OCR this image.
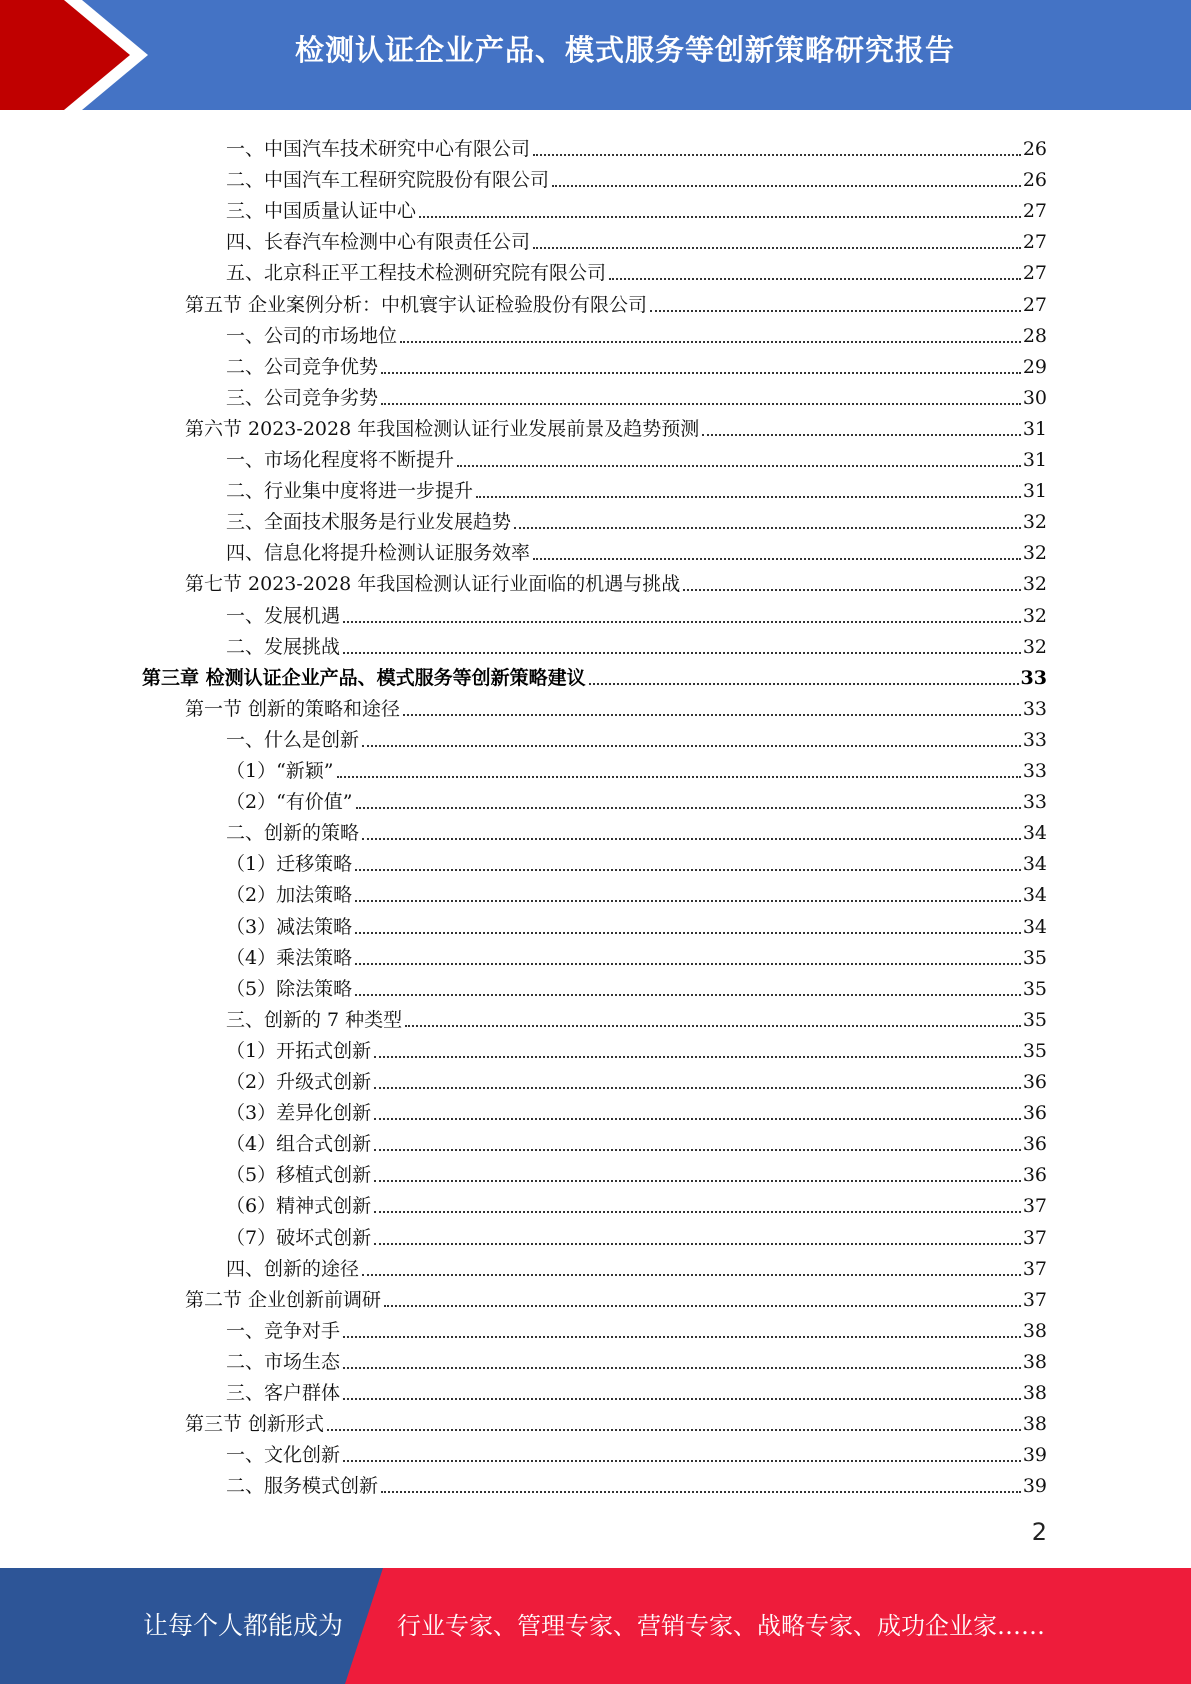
检测认证企业产品、模式服务等创新策略研究报告
一、中国汽车技术研究中心有限公司	26
二、中国汽车工程研究院股份有限公司	26
三、中国质量认证中心	27
四、长春汽车检测中心有限责任公司	27
五、北京科正平工程技术检测研究院有限公司	27
第五节 企业案例分析：中机寰宇认证检验股份有限公司	27
一、公司的市场地位	28
二、公司竞争优势	29
三、公司竞争劣势	30
第六节 2023-2028 年我国检测认证行业发展前景及趋势预测	31
一、市场化程度将不断提升	31
二、行业集中度将进一步提升	31
三、全面技术服务是行业发展趋势	32
四、信息化将提升检测认证服务效率	32
第七节 2023-2028 年我国检测认证行业面临的机遇与挑战	32
一、发展机遇	32
二、发展挑战	32
第三章 检测认证企业产品、模式服务等创新策略建议	33
第一节 创新的策略和途径	33
一、什么是创新	33
（1）“新颖”	33
（2）“有价值”	33
二、创新的策略	34
（1）迁移策略	34
（2）加法策略	34
（3）减法策略	34
（4）乘法策略	35
（5）除法策略	35
三、创新的 7 种类型	35
（1）开拓式创新	35
（2）升级式创新	36
（3）差异化创新	36
（4）组合式创新	36
（5）移植式创新	36
（6）精神式创新	37
（7）破坏式创新	37
四、创新的途径	37
第二节 企业创新前调研	37
一、竞争对手	38
二、市场生态	38
三、客户群体	38
第三节 创新形式	38
一、文化创新	39
二、服务模式创新	39
2
让每个人都能成为 行业专家、管理专家、营销专家、战略专家、成功企业家……
